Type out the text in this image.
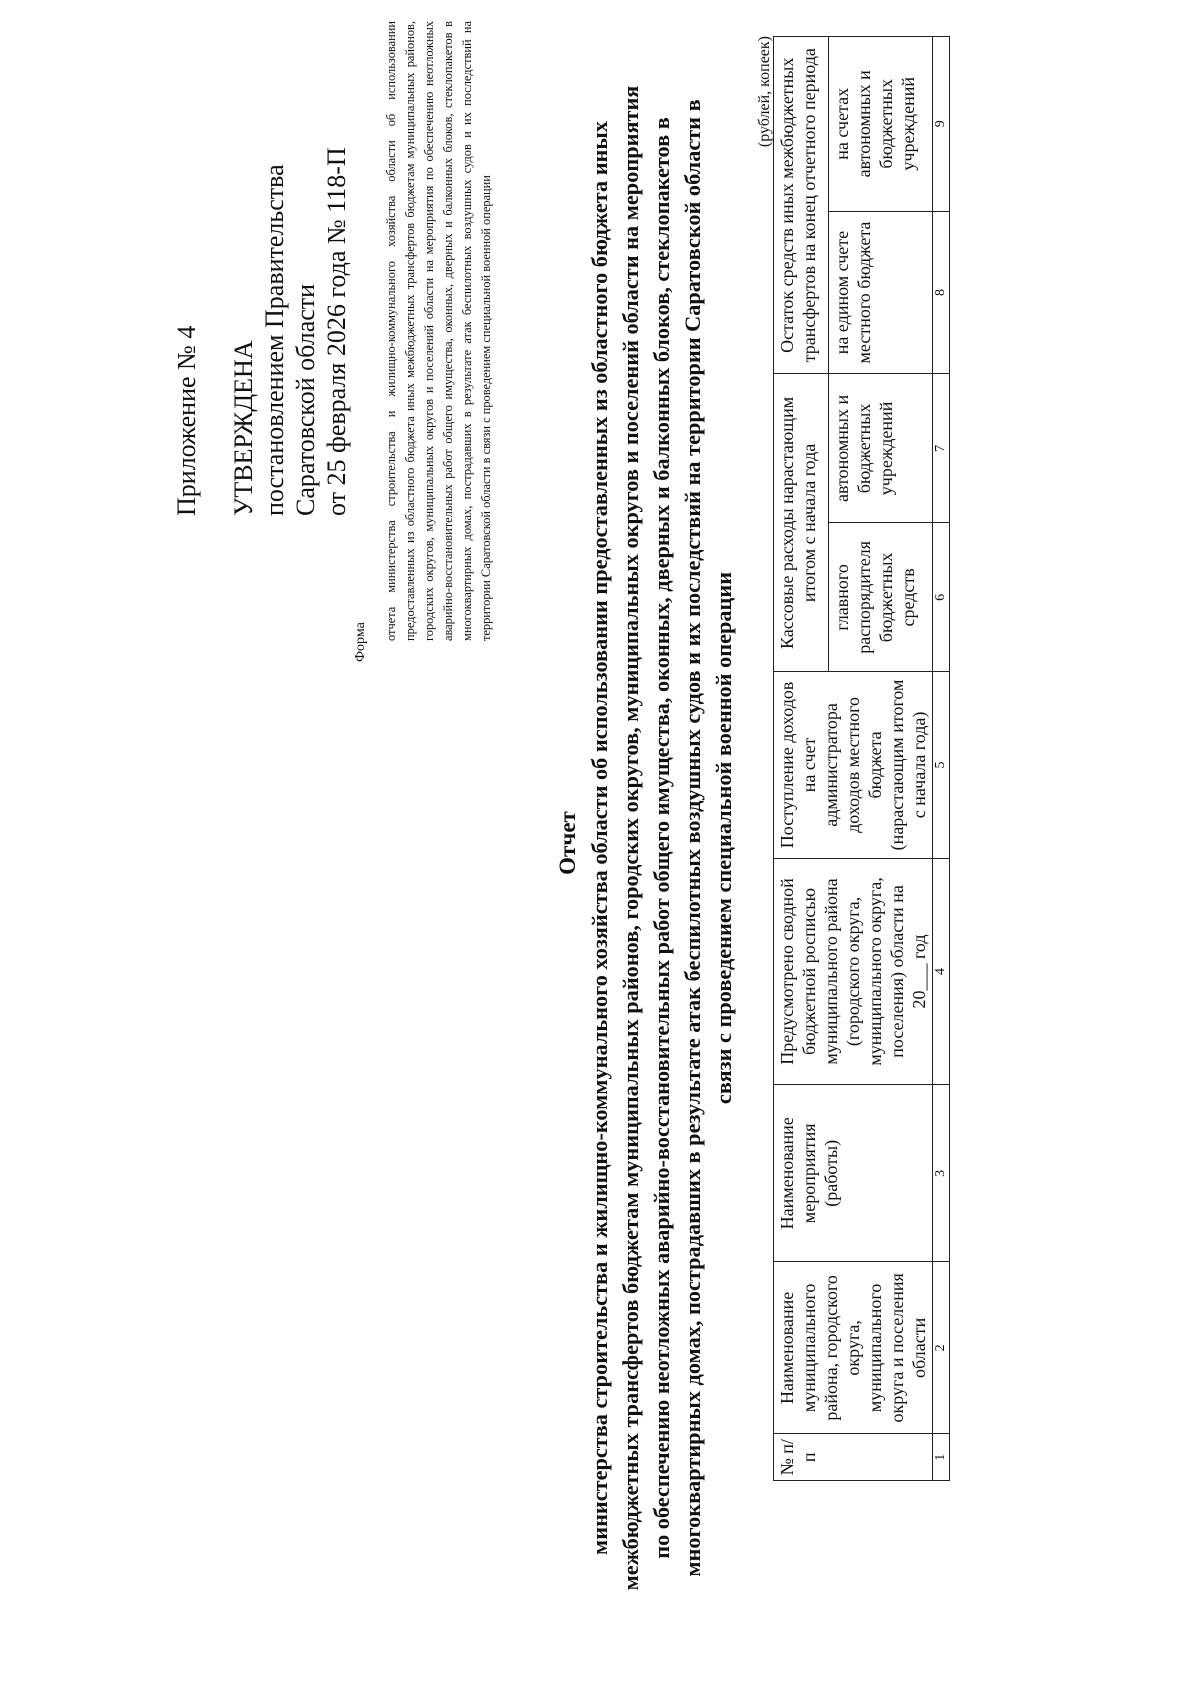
Приложение № 4 УТВЕРЖДЕНА постановлением Правительства Саратовской области от 25 февраля 2026 года № 118-П
Форма
отчета министерства строительства и жилищно-коммунального хозяйства области об использовании предоставленных из областного бюджета иных межбюджетных трансфертов бюджетам муниципальных районов, городских округов, муниципальных округов и поселений области на мероприятия по обеспечению неотложных аварийно-восстановительных работ общего имущества, оконных, дверных и балконных блоков, стеклопакетов в многоквартирных домах, пострадавших в результате атак беспилотных воздушных судов и их последствий на территории Саратовской области в связи с проведением специальной военной операции
Отчет министерства строительства и жилищно-коммунального хозяйства области об использовании предоставленных из областного бюджета иных межбюджетных трансфертов бюджетам муниципальных районов, городских округов, муниципальных округов и поселений области на мероприятия по обеспечению неотложных аварийно-восстановительных работ общего имущества, оконных, дверных и балконных блоков, стеклопакетов в многоквартирных домах, пострадавших в результате атак беспилотных воздушных судов и их последствий на территории Саратовской области в связи с проведением специальной военной операции
(рублей, копеек)
№ п/п	Наименование муниципального района, городского округа, муниципального округа и поселения области	Наименование мероприятия (работы)	Предусмотрено сводной бюджетной росписью муниципального района (городского округа, муниципального округа, поселения) области на 20___ год	Поступление доходов на счет администратора доходов местного бюджета (нарастающим итогом с начала года)	Кассовые расходы нарастающим итогом с начала года		Остаток средств иных межбюджетных трансфертов на конец отчетного периода	
					главного распорядителя бюджетных средств	автономных и бюджетных учреждений	на едином счете местного бюджета	на счетах автономных и бюджетных учреждений
1	2	3	4	5	6	7	8	9
